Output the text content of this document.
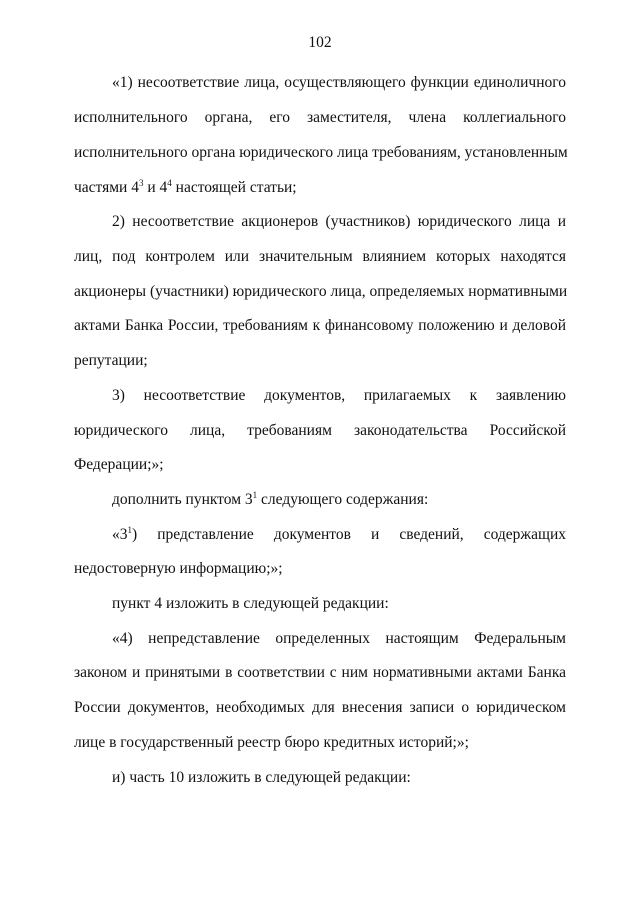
102
«1) несоответствие лица, осуществляющего функции единоличного
исполнительного органа, его заместителя, члена коллегиального
исполнительного органа юридического лица требованиям, установленным
частями $4^3$ и $4^4$ настоящей статьи;
2) несоответствие акционеров (участников) юридического лица и
лиц, под контролем или значительным влиянием которых находятся
акционеры (участники) юридического лица, определяемых нормативными
актами Банка России, требованиям к финансовому положению и деловой
репутации;
3) несоответствие документов, прилагаемых к заявлению
юридического лица, требованиям законодательства Российской
Федерации;»;
дополнить пунктом $3^1$ следующего содержания:
«$3^1$) представление документов и сведений, содержащих
недостоверную информацию;»;
пункт 4 изложить в следующей редакции:
«4) непредставление определенных настоящим Федеральным
законом и принятыми в соответствии с ним нормативными актами Банка
России документов, необходимых для внесения записи о юридическом
лице в государственный реестр бюро кредитных историй;»;
и) часть 10 изложить в следующей редакции:
